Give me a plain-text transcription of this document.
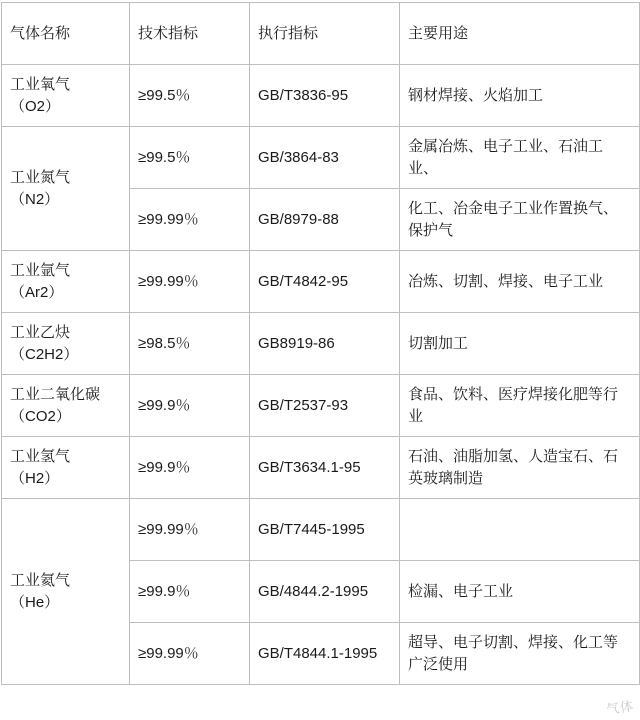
气体名称	技术指标	执行指标	主要用途
工业氧气
（O2）	≥99.5％	GB/T3836-95	钢材焊接、火焰加工
工业氮气
（N2）	≥99.5％	GB/3864-83	金属冶炼、电子工业、石油工业、
	≥99.99％	GB/8979-88	化工、冶金电子工业作置换气、保护气
工业氩气
（Ar2）	≥99.99％	GB/T4842-95	冶炼、切割、焊接、电子工业
工业乙炔
（C2H2）	≥98.5％	GB8919-86	切割加工
工业二氧化碳（CO2）	≥99.9％	GB/T2537-93	食品、饮料、医疗焊接化肥等行业
工业氢气
（H2）	≥99.9％	GB/T3634.1-95	石油、油脂加氢、人造宝石、石英玻璃制造
工业氦气
（He）	≥99.99％	GB/T7445-1995	
	≥99.9％	GB/4844.2-1995	检漏、电子工业
	≥99.99％	GB/T4844.1-1995	超导、电子切割、焊接、化工等广泛使用
气体
